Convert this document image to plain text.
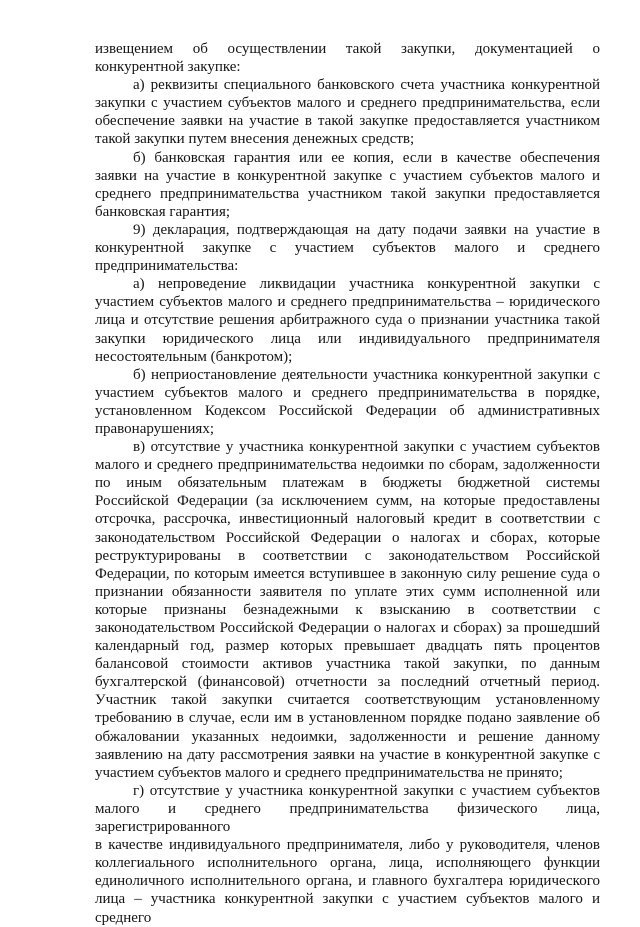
извещением об осуществлении такой закупки, документацией о

конкурентной закупке:

а) реквизиты специального банковского счета участника конкурентной

закупки с участием субъектов малого и среднего предпринимательства, если

обеспечение заявки на участие в такой закупке предоставляется участником

такой закупки путем внесения денежных средств;

б) банковская гарантия или ее копия, если в качестве обеспечения

заявки на участие в конкурентной закупке с участием субъектов малого и

среднего предпринимательства участником такой закупки предоставляется

банковская гарантия;

9) декларация, подтверждающая на дату подачи заявки на участие в

конкурентной закупке с участием субъектов малого и среднего

предпринимательства:

а) непроведение ликвидации участника конкурентной закупки с

участием субъектов малого и среднего предпринимательства – юридического

лица и отсутствие решения арбитражного суда о признании участника такой

закупки юридического лица или индивидуального предпринимателя

несостоятельным (банкротом);

б) неприостановление деятельности участника конкурентной закупки с

участием субъектов малого и среднего предпринимательства в порядке,

установленном Кодексом Российской Федерации об административных

правонарушениях;

в) отсутствие у участника конкурентной закупки с участием субъектов

малого и среднего предпринимательства недоимки по сборам, задолженности

по иным обязательным платежам в бюджеты бюджетной системы

Российской Федерации (за исключением сумм, на которые предоставлены

отсрочка, рассрочка, инвестиционный налоговый кредит в соответствии с

законодательством Российской Федерации о налогах и сборах, которые

реструктурированы в соответствии с законодательством Российской

Федерации, по которым имеется вступившее в законную силу решение суда о

признании обязанности заявителя по уплате этих сумм исполненной или

которые признаны безнадежными к взысканию в соответствии с

законодательством Российской Федерации о налогах и сборах) за прошедший

календарный год, размер которых превышает двадцать пять процентов

балансовой стоимости активов участника такой закупки, по данным

бухгалтерской (финансовой) отчетности за последний отчетный период.

Участник такой закупки считается соответствующим установленному

требованию в случае, если им в установленном порядке подано заявление об

обжаловании указанных недоимки, задолженности и решение данному

заявлению на дату рассмотрения заявки на участие в конкурентной закупке с

участием субъектов малого и среднего предпринимательства не принято;

г) отсутствие у участника конкурентной закупки с участием субъектов

малого и среднего предпринимательства физического лица, зарегистрированного

в качестве индивидуального предпринимателя, либо у руководителя, членов

коллегиального исполнительного органа, лица, исполняющего функции

единоличного исполнительного органа, и главного бухгалтера юридического

лица – участника конкурентной закупки с участием субъектов малого и среднего
